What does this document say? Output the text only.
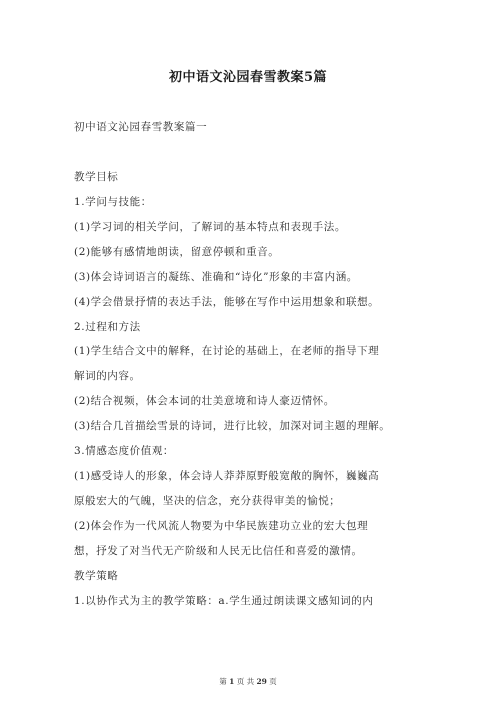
初中语文沁园春雪教案5篇
初中语文沁园春雪教案篇一
教学目标
1.学问与技能：
(1)学习词的相关学问，了解词的基本特点和表现手法。
(2)能够有感情地朗读，留意停顿和重音。
(3)体会诗词语言的凝练、准确和“诗化”形象的丰富内涵。
(4)学会借景抒情的表达手法，能够在写作中运用想象和联想。
2.过程和方法
(1)学生结合文中的解释，在讨论的基础上，在老师的指导下理
解词的内容。
(2)结合视频，体会本词的壮美意境和诗人豪迈情怀。
(3)结合几首描绘雪景的诗词，进行比较，加深对词主题的理解。
3.情感态度价值观：
(1)感受诗人的形象，体会诗人莽莽原野般宽敞的胸怀，巍巍高
原般宏大的气魄，坚决的信念，充分获得审美的愉悦；
(2)体会作为一代风流人物要为中华民族建功立业的宏大包理
想，抒发了对当代无产阶级和人民无比信任和喜爱的激情。
教学策略
1.以协作式为主的教学策略：a.学生通过朗读课文感知词的内
第 1 页 共 29 页
